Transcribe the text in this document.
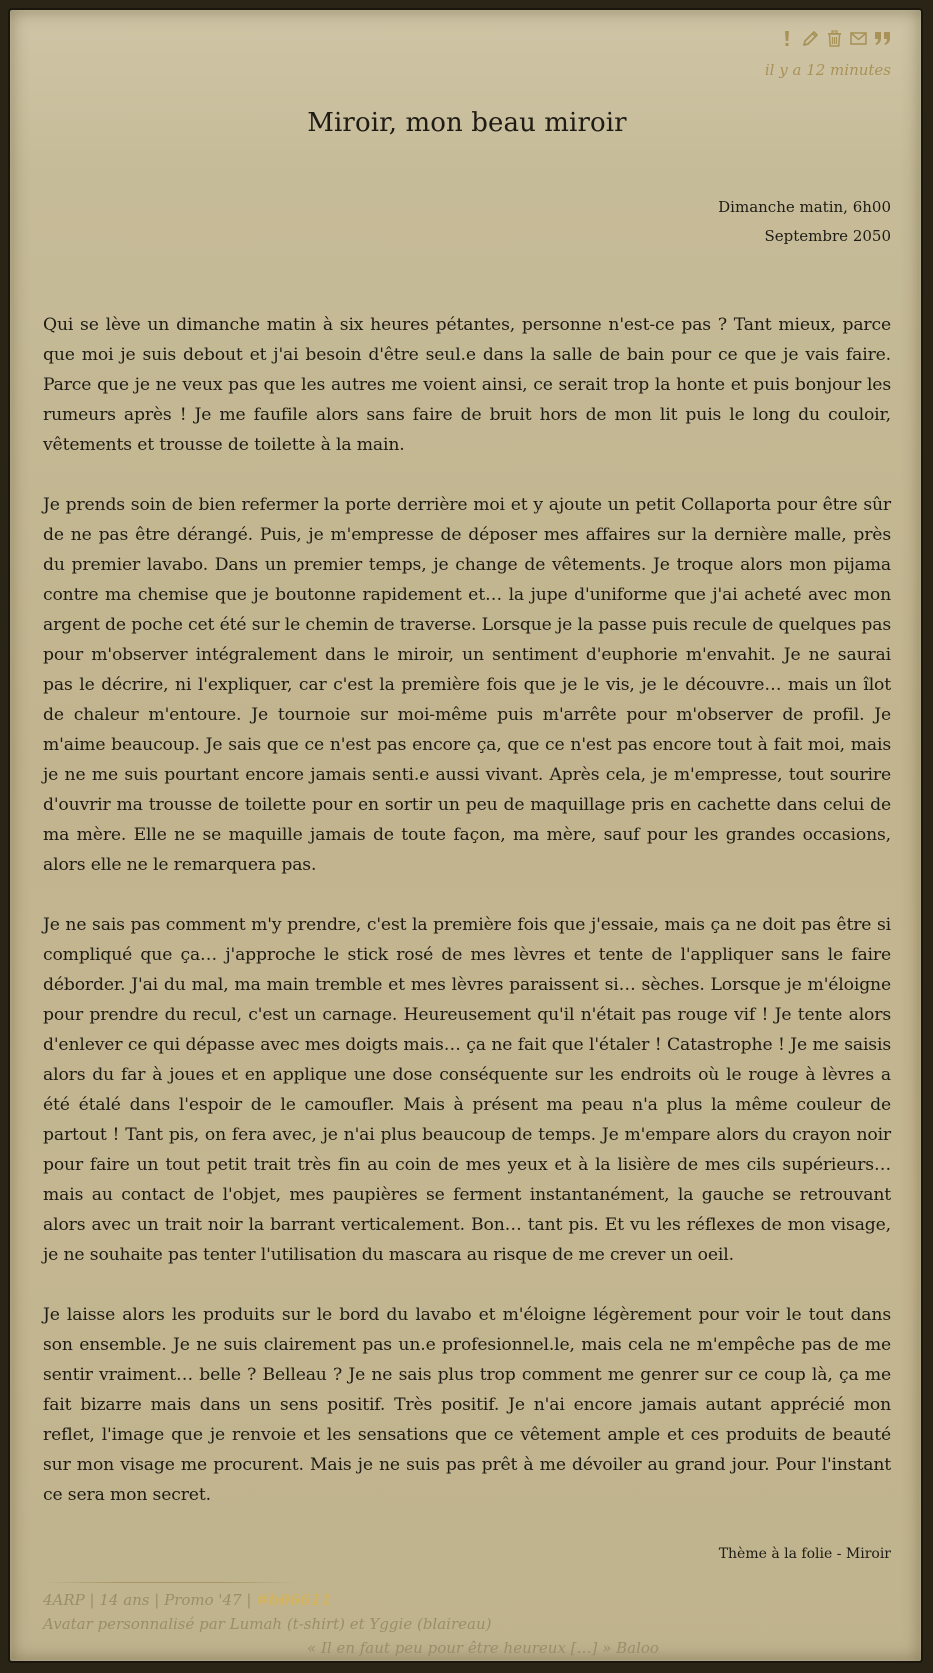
il y a 12 minutes
Miroir, mon beau miroir
Dimanche matin, 6h00
Septembre 2050

Qui se lève un dimanche matin à six heures pétantes, personne n'est-ce pas ? Tant mieux, parce que moi je suis debout et j'ai besoin d'être seul.e dans la salle de bain pour ce que je vais faire. Parce que je ne veux pas que les autres me voient ainsi, ce serait trop la honte et puis bonjour les rumeurs après ! Je me faufile alors sans faire de bruit hors de mon lit puis le long du couloir, vêtements et trousse de toilette à la main.

Je prends soin de bien refermer la porte derrière moi et y ajoute un petit Collaporta pour être sûr de ne pas être dérangé. Puis, je m'empresse de déposer mes affaires sur la dernière malle, près du premier lavabo. Dans un premier temps, je change de vêtements. Je troque alors mon pijama contre ma chemise que je boutonne rapidement et… la jupe d'uniforme que j'ai acheté avec mon argent de poche cet été sur le chemin de traverse. Lorsque je la passe puis recule de quelques pas pour m'observer intégralement dans le miroir, un sentiment d'euphorie m'envahit. Je ne saurai pas le décrire, ni l'expliquer, car c'est la première fois que je le vis, je le découvre… mais un îlot de chaleur m'entoure. Je tournoie sur moi-même puis m'arrête pour m'observer de profil. Je m'aime beaucoup. Je sais que ce n'est pas encore ça, que ce n'est pas encore tout à fait moi, mais je ne me suis pourtant encore jamais senti.e aussi vivant. Après cela, je m'empresse, tout sourire d'ouvrir ma trousse de toilette pour en sortir un peu de maquillage pris en cachette dans celui de ma mère. Elle ne se maquille jamais de toute façon, ma mère, sauf pour les grandes occasions, alors elle ne le remarquera pas.

Je ne sais pas comment m'y prendre, c'est la première fois que j'essaie, mais ça ne doit pas être si compliqué que ça… j'approche le stick rosé de mes lèvres et tente de l'appliquer sans le faire déborder. J'ai du mal, ma main tremble et mes lèvres paraissent si… sèches. Lorsque je m'éloigne pour prendre du recul, c'est un carnage. Heureusement qu'il n'était pas rouge vif ! Je tente alors d'enlever ce qui dépasse avec mes doigts mais… ça ne fait que l'étaler ! Catastrophe ! Je me saisis alors du far à joues et en applique une dose conséquente sur les endroits où le rouge à lèvres a été étalé dans l'espoir de le camoufler. Mais à présent ma peau n'a plus la même couleur de partout ! Tant pis, on fera avec, je n'ai plus beaucoup de temps. Je m'empare alors du crayon noir pour faire un tout petit trait très fin au coin de mes yeux et à la lisière de mes cils supérieurs… mais au contact de l'objet, mes paupières se ferment instantanément, la gauche se retrouvant alors avec un trait noir la barrant verticalement. Bon… tant pis. Et vu les réflexes de mon visage, je ne souhaite pas tenter l'utilisation du mascara au risque de me crever un oeil.

Je laisse alors les produits sur le bord du lavabo et m'éloigne légèrement pour voir le tout dans son ensemble. Je ne suis clairement pas un.e profesionnel.le, mais cela ne m'empêche pas de me sentir vraiment… belle ? Belleau ? Je ne sais plus trop comment me genrer sur ce coup là, ça me fait bizarre mais dans un sens positif. Très positif. Je n'ai encore jamais autant apprécié mon reflet, l'image que je renvoie et les sensations que ce vêtement ample et ces produits de beauté sur mon visage me procurent. Mais je ne suis pas prêt à me dévoiler au grand jour. Pour l'instant ce sera mon secret.

Thème à la folie - Miroir
4ARP | 14 ans | Promo '47 | #b06611
Avatar personnalisé par Lumah (t-shirt) et Yggie (blaireau)
« Il en faut peu pour être heureux […] » Baloo
